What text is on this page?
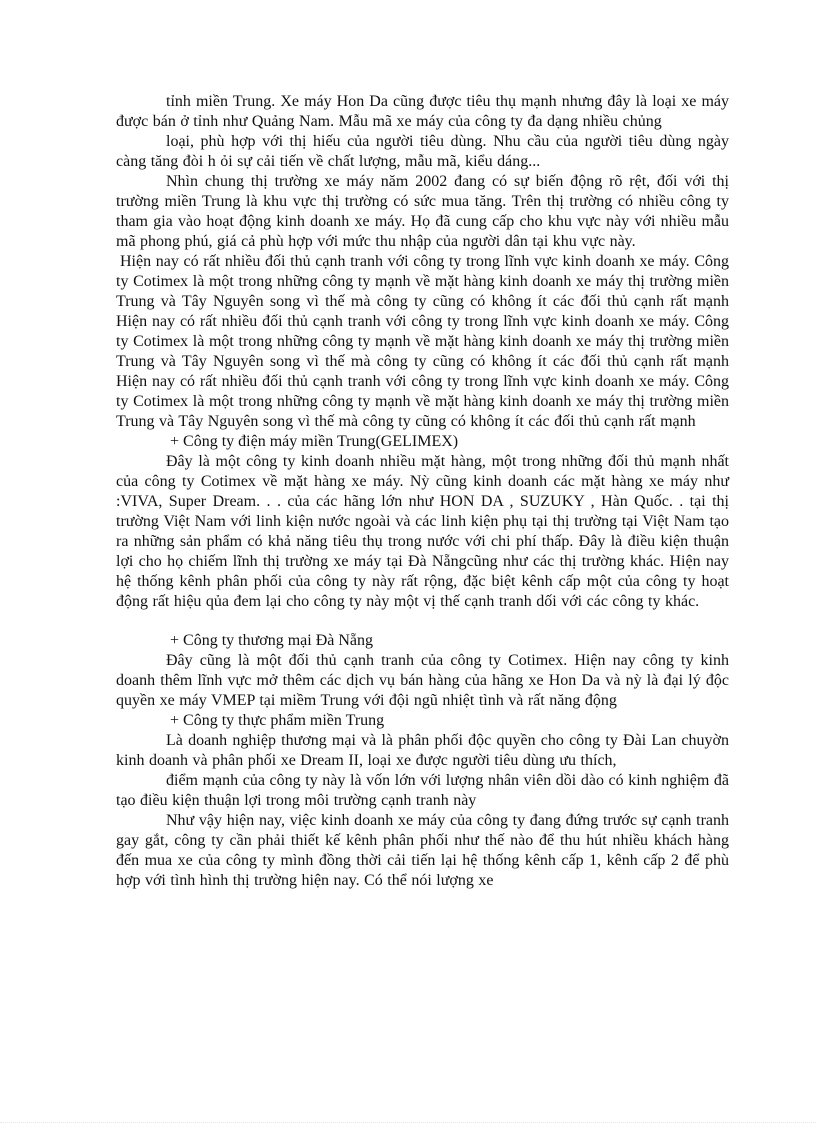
tỉnh miền Trung. Xe máy Hon Da cũng được tiêu thụ mạnh nhưng đây là loại xe máy được bán ở tỉnh như Quảng Nam. Mẫu mã xe máy của công ty đa dạng nhiều chủng

loại, phù hợp với thị hiếu của người tiêu dùng. Nhu cầu của người tiêu dùng ngày càng tăng đòi h ỏi sự cải tiến về chất lượng, mẫu mã, kiểu dáng...

Nhìn chung thị trường xe máy năm 2002 đang có sự biến động rõ rệt, đối với thị trường miền Trung là khu vực thị trường có sức mua tăng. Trên thị trường có nhiều công ty tham gia vào hoạt động kinh doanh xe máy. Họ đã cung cấp cho khu vực này với nhiều mẫu mã phong phú, giá cả phù hợp với mức thu nhập của người dân tại khu vực này.

Hiện nay có rất nhiều đối thủ cạnh tranh với công ty trong lĩnh vực kinh doanh xe máy. Công ty Cotimex là một trong những công ty mạnh về mặt hàng kinh doanh xe máy thị trường miền Trung và Tây Nguyên song vì thế mà công ty cũng có không ít các đối thủ cạnh rất mạnh Hiện nay có rất nhiều đối thủ cạnh tranh với công ty trong lĩnh vực kinh doanh xe máy. Công ty Cotimex là một trong những công ty mạnh về mặt hàng kinh doanh xe máy thị trường miền Trung và Tây Nguyên song vì thế mà công ty cũng có không ít các đối thủ cạnh rất mạnh Hiện nay có rất nhiều đối thủ cạnh tranh với công ty trong lĩnh vực kinh doanh xe máy. Công ty Cotimex là một trong những công ty mạnh về mặt hàng kinh doanh xe máy thị trường miền Trung và Tây Nguyên song vì thế mà công ty cũng có không ít các đối thủ cạnh rất mạnh

+ Công ty điện máy miền Trung(GELIMEX)

Đây là một công ty kinh doanh nhiều mặt hàng, một trong những đối thủ mạnh nhất của công ty Cotimex về mặt hàng xe máy. Nỳ cũng kinh doanh các mặt hàng xe máy như :VIVA, Super Dream. . . của các hãng lớn như HON DA , SUZUKY , Hàn Quốc. . tại thị trường Việt Nam với linh kiện nước ngoài và các linh kiện phụ tại thị trường tại Việt Nam tạo ra những sản phẩm có khả năng tiêu thụ trong nước với chi phí thấp. Đây là điều kiện thuận lợi cho họ chiếm lĩnh thị trường xe máy tại Đà Nẵngcũng như các thị trường khác. Hiện nay hệ thống kênh phân phối của công ty này rất rộng, đặc biệt kênh cấp một của công ty hoạt động rất hiệu qủa đem lại cho công ty này một vị thế cạnh tranh dối với các công ty khác.

+ Công ty thương mại Đà Nẵng

Đây cũng là một đối thủ cạnh tranh của công ty Cotimex. Hiện nay công ty kinh doanh thêm lĩnh vực mở thêm các dịch vụ bán hàng của hãng xe Hon Da và nỳ là đại lý độc quyền xe máy VMEP tại miềm Trung với đội ngũ nhiệt tình và rất năng động

+ Công ty thực phẩm miền Trung

Là doanh nghiệp thương mại và là phân phối độc quyền cho công ty Đài Lan chuyờn kinh doanh và phân phối xe Dream II, loại xe được người tiêu dùng ưu thích,

điểm mạnh của công ty này là vốn lớn với lượng nhân viên dồi dào có kinh nghiệm đã tạo điều kiện thuận lợi trong môi trường cạnh tranh này

Như vậy hiện nay, việc kinh doanh xe máy của công ty đang đứng trước sự cạnh tranh gay gắt, công ty cần phải thiết kế kênh phân phối như thế nào để thu hút nhiều khách hàng đến mua xe của công ty mình đồng thời cải tiến lại hệ thống kênh cấp 1, kênh cấp 2 để phù hợp với tình hình thị trường hiện nay. Có thể nói lượng xe
